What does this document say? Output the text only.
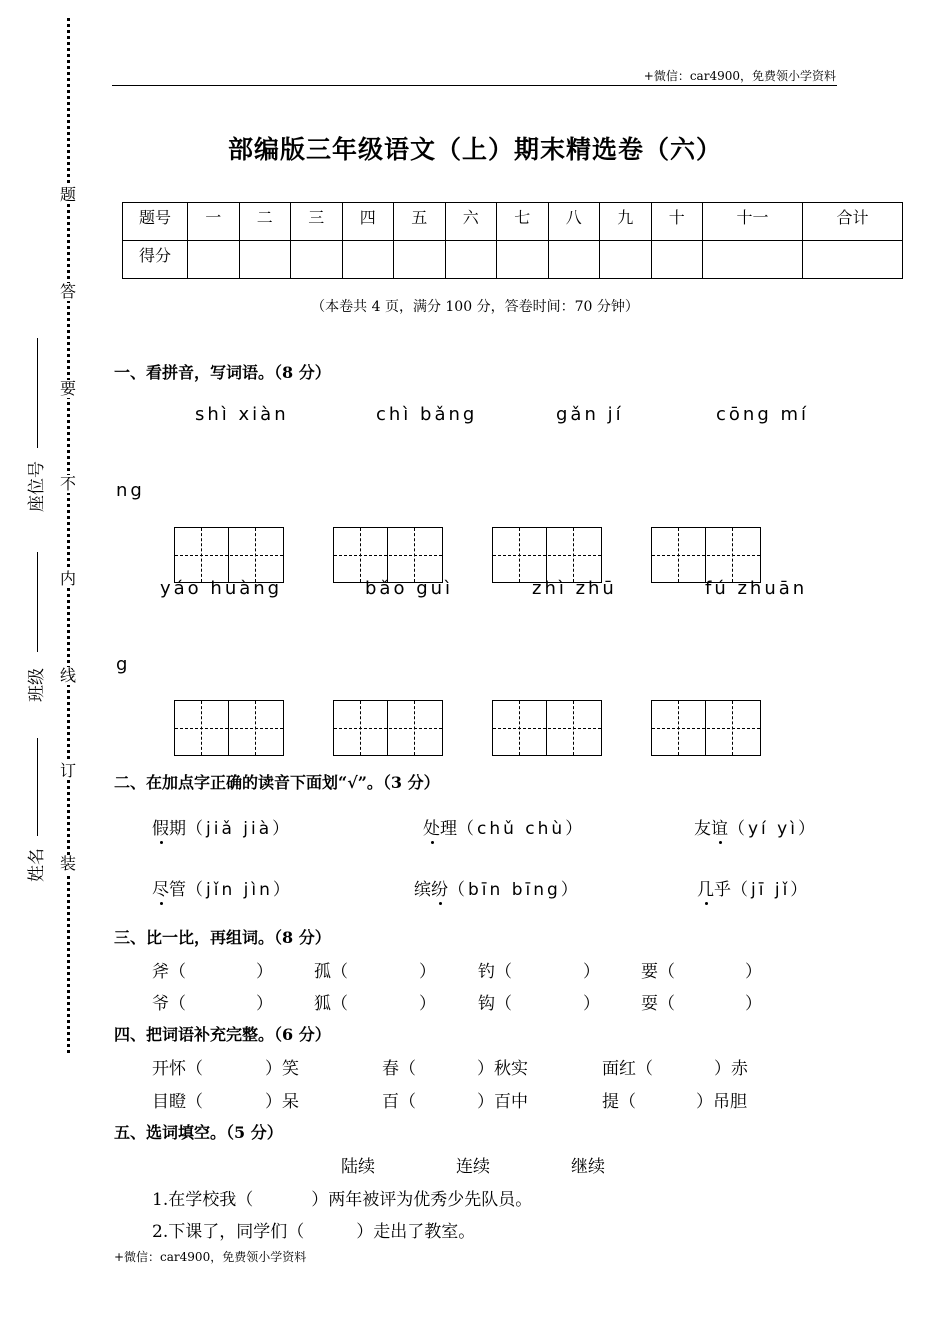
+微信：car4900，免费领小学资料
+微信：car4900，免费领小学资料
题
答
要
不
内
线
订
装
座位号
班级
姓名
部编版三年级语文（上）期末精选卷（六）
题号	一	二	三	四	五	六	七	八	九	十	十一	合计
得分												
（本卷共 4 页，满分 100 分，答卷时间：70 分钟）
一、看拼音，写词语。（8 分）
shì xiàn	chì bǎng	gǎn jí	cōng mí
ng
yáo huàng	bǎo guì	zhì zhū	fú zhuān
g
二、在加点字正确的读音下面划“√”。（3 分）
假期（jiǎ jià）	处理（chǔ chù）	友谊（yí yì）
尽管（jǐn jìn）	缤纷（bīn bīng）	几乎（jī jǐ）
三、比一比，再组词。（8 分）
斧（	） 孤（	） 钓（	） 要（	）
爷（	） 狐（	） 钩（	） 耍（	）
四、把词语补充完整。（6 分）
开怀（	）笑	春（	）秋实	面红（	）赤
目瞪（	）呆	百（	）百中	提（	）吊胆
五、选词填空。（5 分）
陆续	连续	继续
1.在学校我（	）两年被评为优秀少先队员。
2.下课了，同学们（	）走出了教室。
